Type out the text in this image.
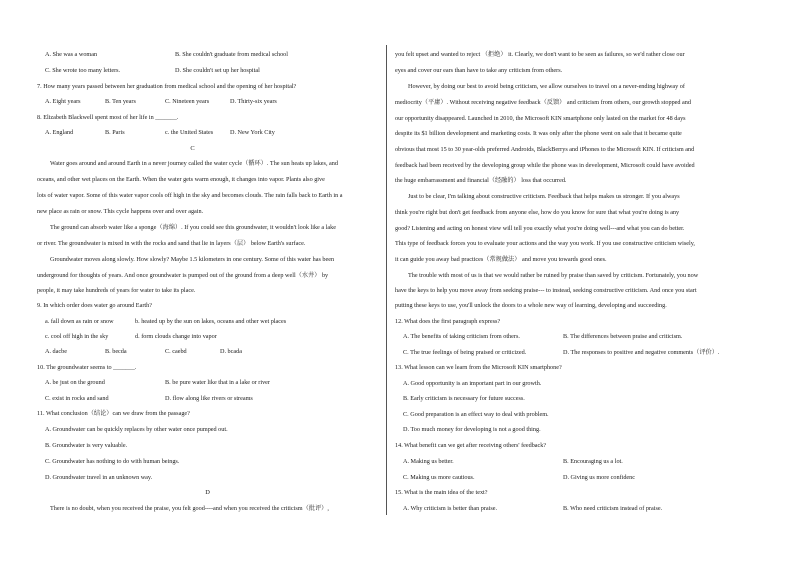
A. She was a woman	B. She couldn't graduate from medical school
C. She wrote too many letters.	D. She couldn't set up her hospital
7. How many years passed between her graduation from medical school and the opening of her hospital?
A. Eight years	B. Ten years	C. Nineteen years	D. Thirty-six years
8. Elizabeth Blackwell spent most of her life in _______.
A. England	B. Paris	c. the United States	D. New York City
C
Water goes around and around Earth in a never journey called the water cycle（循环）. The sun heats up lakes, and
oceans, and other wet places on the Earth. When the water gets warm enough, it changes into vapor. Plants also give
lots of water vapor. Some of this water vapor cools off high in the sky and becomes clouds. The rain falls back to Earth in a
new place as rain or snow. This cycle happens over and over again.
The ground can absorb water like a sponge（海绵）. If you could see this groundwater, it wouldn't look like a lake
or river. The groundwater is mixed in with the rocks and sand that lie in layers（层） below Earth's surface.
Groundwater moves along slowly. How slowly? Maybe 1.5 kilometers in one century. Some of this water has been
underground for thoughts of years. And once groundwater is pumped out of the ground from a deep well（水井） by
people, it may take hundreds of years for water to take its place.
9. In which order does water go around Earth?
a. fall down as rain or snow	b. heated up by the sun on lakes, oceans and other wet places
c. cool off high in the sky	d. form clouds change into vapor
A. dacbe	B. becda	C. caebd	D. bcada
10. The groundwater seems to _______.
A. be just on the ground	B. be pure water like that in a lake or river
C. exist in rocks and sand	D. flow along like rivers or streams
11. What conclusion（结论）can we draw from the passage?
A. Groundwater can be quickly replaces by other water once pumped out.
B. Groundwater is very valuable.
C. Groundwater has nothing to do with human beings.
D. Groundwater travel in an unknown way.
D
There is no doubt, when you received the praise, you felt good----and when you received the criticism（批评）,
you felt upset and wanted to reject （拒绝） it. Clearly, we don't want to be seen as failures, so we'd rather close our
eyes and cover our ears than have to take any criticism from others.
However, by doing our best to avoid being criticism, we allow ourselves to travel on a never-ending highway of
mediocrity（平庸）. Without receiving negative feedback（反馈） and criticism from others, our growth stopped and
our opportunity disappeared. Launched in 2010, the Microsoft KIN smartphone only lasted on the market for 48 days
despite its $1 billion development and marketing costs. It was only after the phone went on sale that it became quite
obvious that most 15 to 30 year-olds preferred Androids, BlackBerrys and iPhones to the Microsoft KIN. If criticism and
feedback had been received by the developing group while the phone was in development, Microsoft could have avoided
the huge embarrassment and financial（经融的） loss that occurred.
Just to be clear, I'm talking about constructive criticism. Feedback that helps makes us stronger. If you always
think you're right but don't get feedback from anyone else, how do you know for sure that what you're doing is any
good? Listening and acting on honest view will tell you exactly what you're doing well---and what you can do better.
This type of feedback forces you to evaluate your actions and the way you work. If you use constructive criticism wisely,
it can guide you away bad practices（常规做法） and move you towards good ones.
The trouble with most of us is that we would rather be ruined by praise than saved by criticism. Fortunately, you now
have the keys to help you move away from seeking praise--- to instead, seeking constructive criticism. And once you start
putting these keys to use, you'll unlock the doors to a whole new way of learning, developing and succeeding.
12. What does the first paragraph express?
A. The benefits of taking criticism from others.	B. The differences between praise and criticism.
C. The true feelings of being praised or criticized.	D. The responses to positive and negative comments（评价）.
13. What lesson can we learn from the Microsoft KIN smartphone?
A. Good opportunity is an important part in our growth.
B. Early criticism is necessary for future success.
C. Good preparation is an effect way to deal with problem.
D. Too much money for developing is not a good thing.
14. What benefit can we get after receiving others' feedback?
A. Making us better.	B. Encouraging us a lot.
C. Making us more cautious.	D. Giving us more confidenc
15. What is the main idea of the text?
A. Why criticism is better than praise.	B. Who need criticism instead of praise.
